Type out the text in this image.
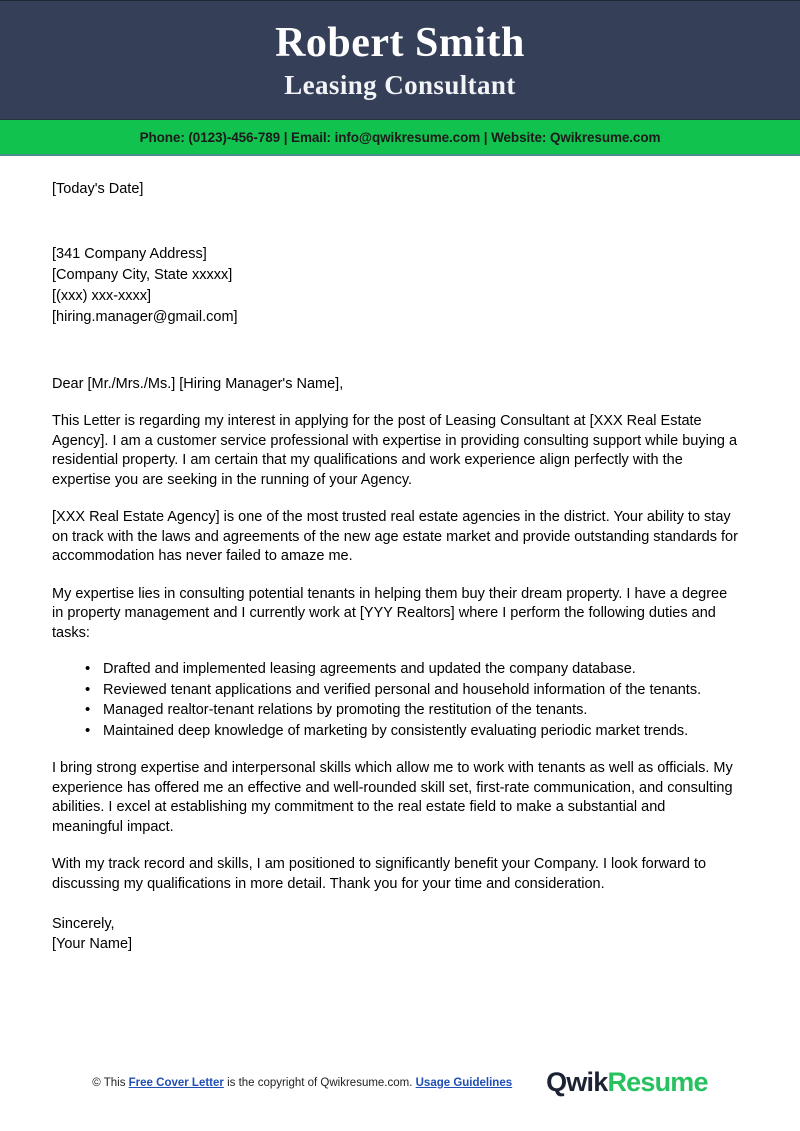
Robert Smith
Leasing Consultant
Phone: (0123)-456-789 | Email: info@qwikresume.com | Website: Qwikresume.com
[Today's Date]
[341 Company Address]
[Company City, State xxxxx]
[(xxx) xxx-xxxx]
[hiring.manager@gmail.com]
Dear [Mr./Mrs./Ms.] [Hiring Manager's Name],

This Letter is regarding my interest in applying for the post of Leasing Consultant at [XXX Real Estate Agency]. I am a customer service professional with expertise in providing consulting support while buying a residential property. I am certain that my qualifications and work experience align perfectly with the expertise you are seeking in the running of your Agency.

[XXX Real Estate Agency] is one of the most trusted real estate agencies in the district. Your ability to stay on track with the laws and agreements of the new age estate market and provide outstanding standards for accommodation has never failed to amaze me.

My expertise lies in consulting potential tenants in helping them buy their dream property. I have a degree in property management and I currently work at [YYY Realtors] where I perform the following duties and tasks:

• Drafted and implemented leasing agreements and updated the company database.
• Reviewed tenant applications and verified personal and household information of the tenants.
• Managed realtor-tenant relations by promoting the restitution of the tenants.
• Maintained deep knowledge of marketing by consistently evaluating periodic market trends.

I bring strong expertise and interpersonal skills which allow me to work with tenants as well as officials. My experience has offered me an effective and well-rounded skill set, first-rate communication, and consulting abilities. I excel at establishing my commitment to the real estate field to make a substantial and meaningful impact.

With my track record and skills, I am positioned to significantly benefit your Company. I look forward to discussing my qualifications in more detail. Thank you for your time and consideration.

Sincerely,
[Your Name]
© This Free Cover Letter is the copyright of Qwikresume.com. Usage Guidelines QwikResume
